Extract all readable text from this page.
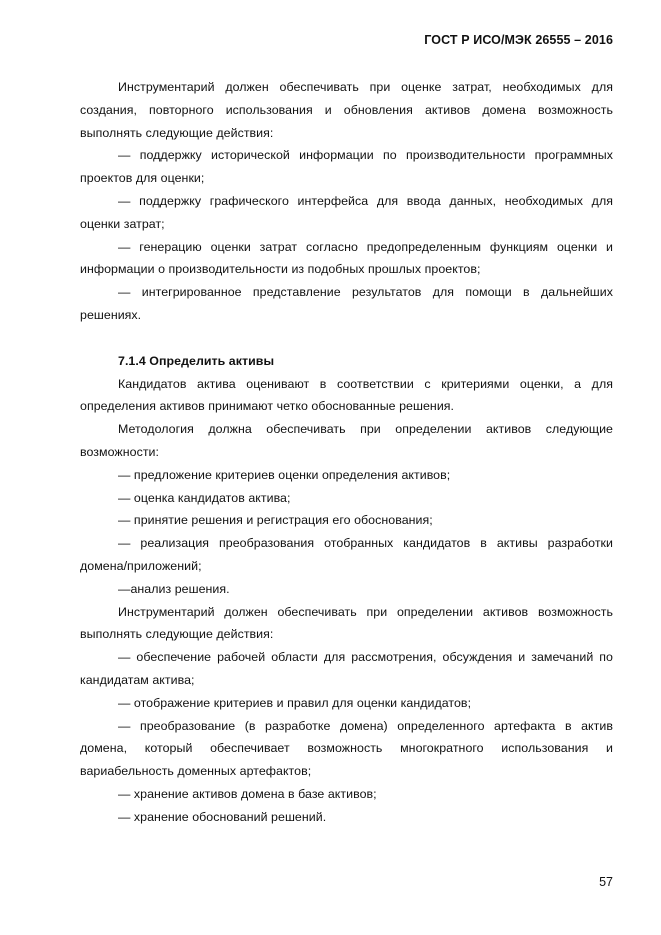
ГОСТ Р ИСО/МЭК 26555 – 2016

Инструментарий должен обеспечивать при оценке затрат, необходимых для создания, повторного использования и обновления активов домена возможность выполнять следующие действия:

— поддержку исторической информации по производительности программных проектов для оценки;

— поддержку графического интерфейса для ввода данных, необходимых для оценки затрат;

— генерацию оценки затрат согласно предопределенным функциям оценки и информации о производительности из подобных прошлых проектов;

— интегрированное представление результатов для помощи в дальнейших решениях.

7.1.4 Определить активы

Кандидатов актива оценивают в соответствии с критериями оценки, а для определения активов принимают четко обоснованные решения.

Методология должна обеспечивать при определении активов следующие возможности:

— предложение критериев оценки определения активов;

— оценка кандидатов актива;

— принятие решения и регистрация его обоснования;

— реализация преобразования отобранных кандидатов в активы разработки домена/приложений;

—анализ решения.

Инструментарий должен обеспечивать при определении активов возможность выполнять следующие действия:

— обеспечение рабочей области для рассмотрения, обсуждения и замечаний по кандидатам актива;

— отображение критериев и правил для оценки кандидатов;

— преобразование (в разработке домена) определенного артефакта в актив домена, который обеспечивает возможность многократного использования и вариабельность доменных артефактов;

— хранение активов домена в базе активов;

— хранение обоснований решений.

57
